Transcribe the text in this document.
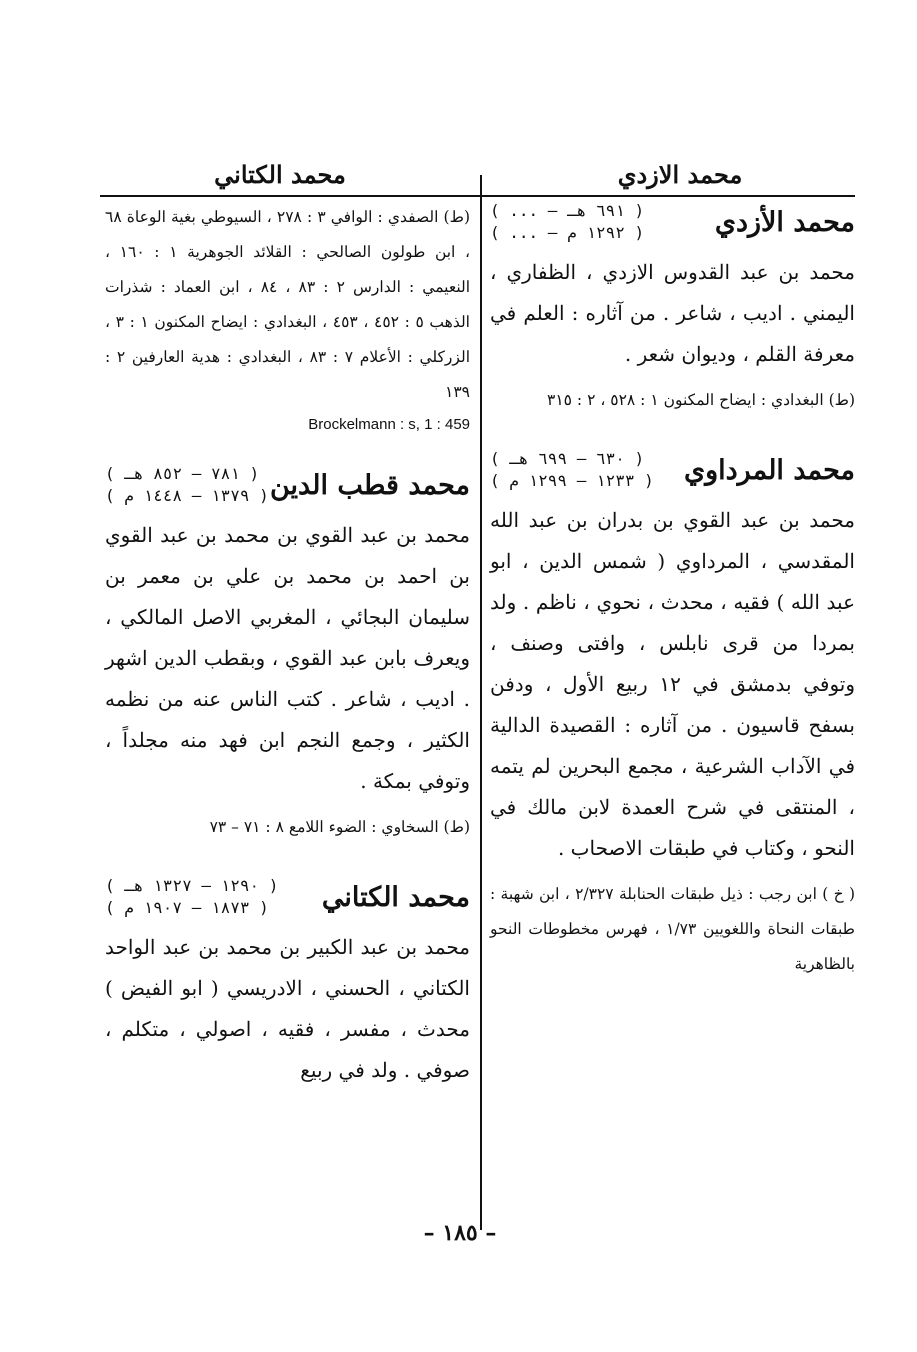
محمد الكتاني	محمد الازدي
محمد الأزدي
( ... – ٦٩١ هـ )
( ... – ١٢٩٢ م )

محمد بن عبد القدوس الازدي ، الظفاري ، اليمني . اديب ، شاعر . من آثاره : العلم في معرفة القلم ، وديوان شعر .

(ط) البغدادي : ايضاح المكنون ١ : ٥٢٨ ، ٢ : ٣١٥

محمد المرداوي
( ٦٣٠ – ٦٩٩ هـ )
( ١٢٣٣ – ١٢٩٩ م )

محمد بن عبد القوي بن بدران بن عبد الله المقدسي ، المرداوي ( شمس الدين ، ابو عبد الله ) فقيه ، محدث ، نحوي ، ناظم . ولد بمردا من قرى نابلس ، وافتى وصنف ، وتوفي بدمشق في ١٢ ربيع الأول ، ودفن بسفح قاسيون . من آثاره : القصيدة الدالية في الآداب الشرعية ، مجمع البحرين لم يتمه ، المنتقى في شرح العمدة لابن مالك في النحو ، وكتاب في طبقات الاصحاب .

( خ ) ابن رجب : ذيل طبقات الحنابلة ٢/٣٢٧ ، ابن شهبة : طبقات النحاة واللغويين ١/٧٣ ، فهرس مخطوطات النحو بالظاهرية

(ط) الصفدي : الوافي ٣ : ٢٧٨ ، السيوطي بغية الوعاة ٦٨ ، ابن طولون الصالحي : القلائد الجوهرية ١ : ١٦٠ ، النعيمي : الدارس ٢ : ٨٣ ، ٨٤ ، ابن العماد : شذرات الذهب ٥ : ٤٥٢ ، ٤٥٣ ، البغدادي : ايضاح المكنون ١ : ٣ ، الزركلي : الأعلام ٧ : ٨٣ ، البغدادي : هدية العارفين ٢ : ١٣٩

Brockelmann : s, 1 : 459
محمد قطب الدين
( ٧٨١ – ٨٥٢ هـ )
( ١٣٧٩ – ١٤٤٨ م )

محمد بن عبد القوي بن محمد بن عبد القوي بن احمد بن محمد بن علي بن معمر بن سليمان البجائي ، المغربي الاصل المالكي ، ويعرف بابن عبد القوي ، وبقطب الدين اشهر . اديب ، شاعر . كتب الناس عنه من نظمه الكثير ، وجمع النجم ابن فهد منه مجلداً ، وتوفي بمكة .

(ط) السخاوي : الضوء اللامع ٨ : ٧١ – ٧٣

محمد الكتاني
( ١٢٩٠ – ١٣٢٧ هـ )
( ١٨٧٣ – ١٩٠٧ م )

محمد بن عبد الكبير بن محمد بن عبد الواحد الكتاني ، الحسني ، الادريسي ( ابو الفيض ) محدث ، مفسر ، فقيه ، اصولي ، متكلم ، صوفي . ولد في ربيع

– ١٨٥ –
